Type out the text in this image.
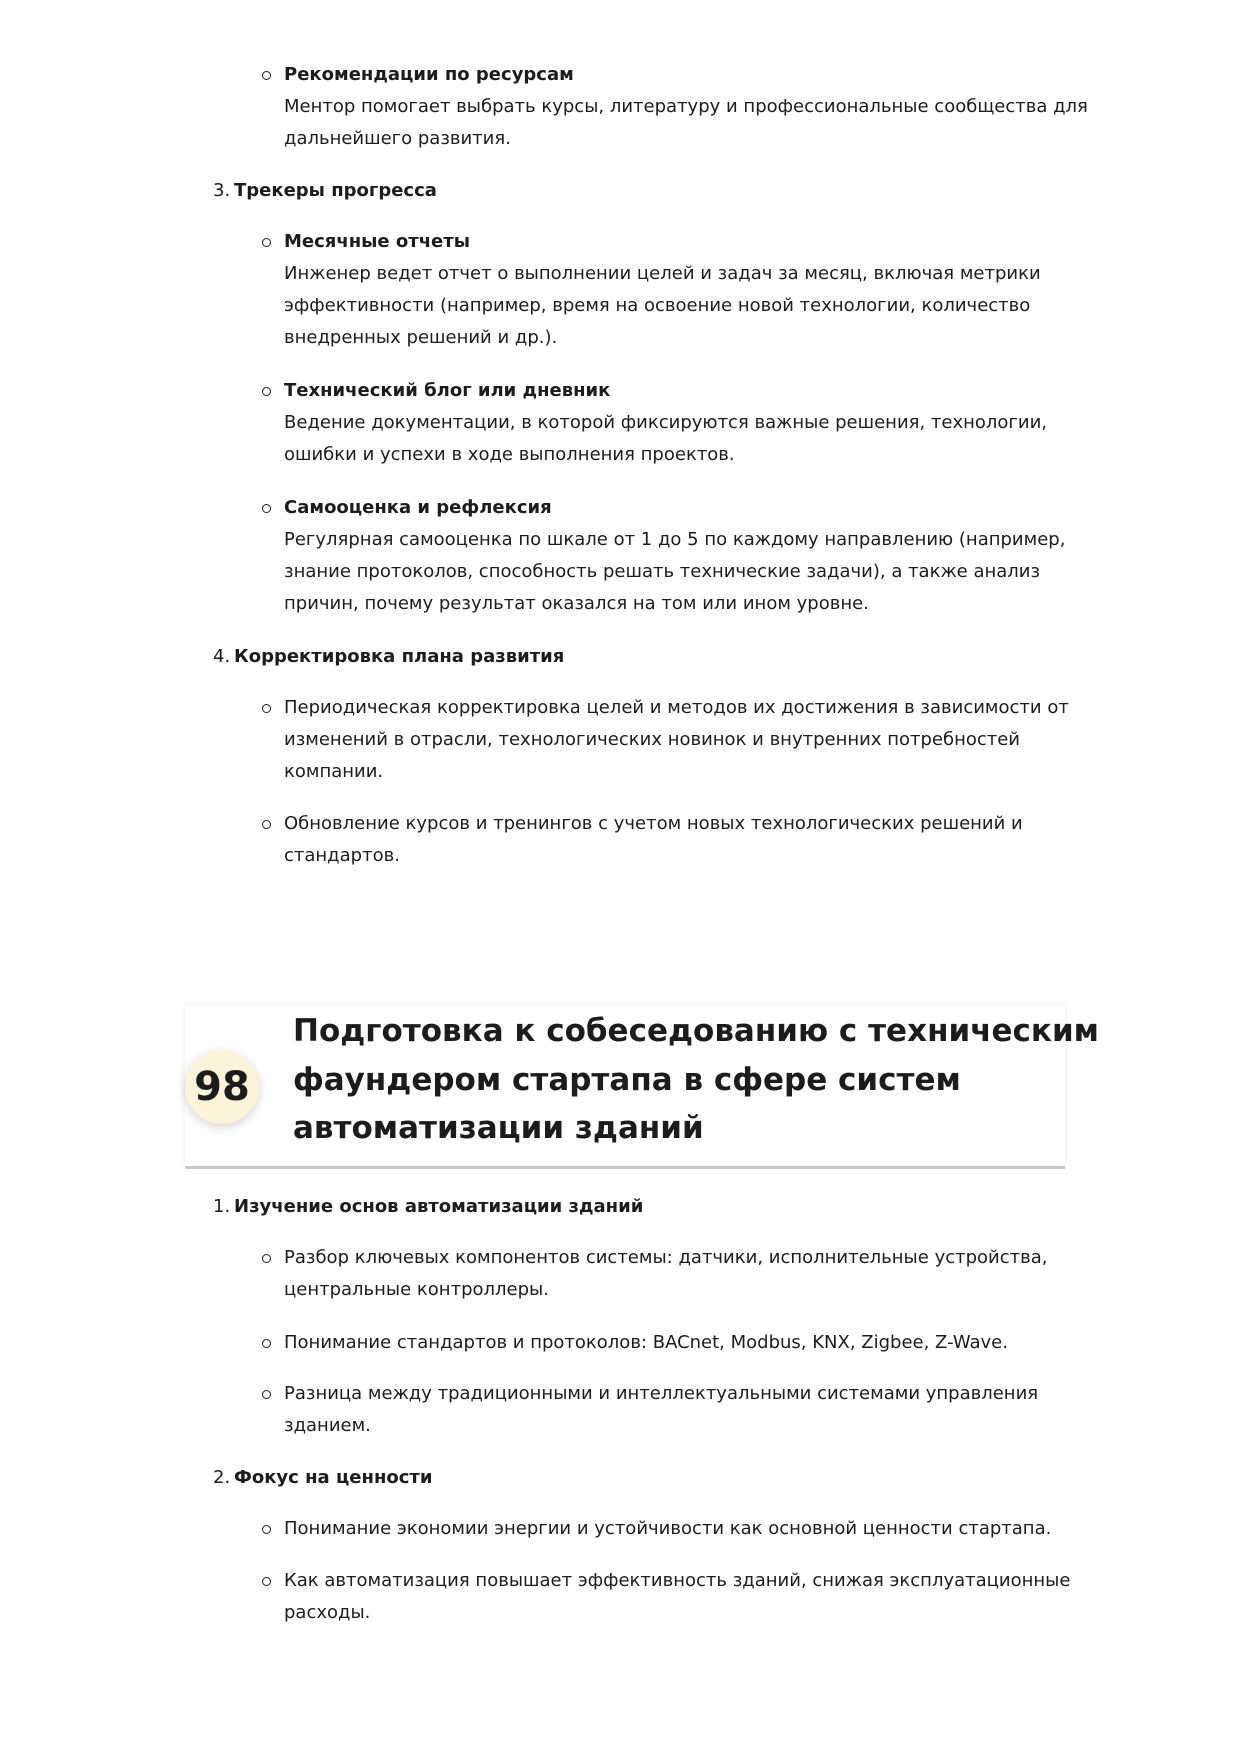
Рекомендации по ресурсам
Ментор помогает выбрать курсы, литературу и профессиональные сообщества для
дальнейшего развития.
3. Трекеры прогресса
Месячные отчеты
Инженер ведет отчет о выполнении целей и задач за месяц, включая метрики
эффективности (например, время на освоение новой технологии, количество
внедренных решений и др.).
Технический блог или дневник
Ведение документации, в которой фиксируются важные решения, технологии,
ошибки и успехи в ходе выполнения проектов.
Самооценка и рефлексия
Регулярная самооценка по шкале от 1 до 5 по каждому направлению (например,
знание протоколов, способность решать технические задачи), а также анализ
причин, почему результат оказался на том или ином уровне.
4. Корректировка плана развития
Периодическая корректировка целей и методов их достижения в зависимости от
изменений в отрасли, технологических новинок и внутренних потребностей
компании.
Обновление курсов и тренингов с учетом новых технологических решений и
стандартов.
98
Подготовка к собеседованию с техническим
фаундером стартапа в сфере систем
автоматизации зданий
1. Изучение основ автоматизации зданий
Разбор ключевых компонентов системы: датчики, исполнительные устройства,
центральные контроллеры.
Понимание стандартов и протоколов: BACnet, Modbus, KNX, Zigbee, Z-Wave.
Разница между традиционными и интеллектуальными системами управления
зданием.
2. Фокус на ценности
Понимание экономии энергии и устойчивости как основной ценности стартапа.
Как автоматизация повышает эффективность зданий, снижая эксплуатационные
расходы.
